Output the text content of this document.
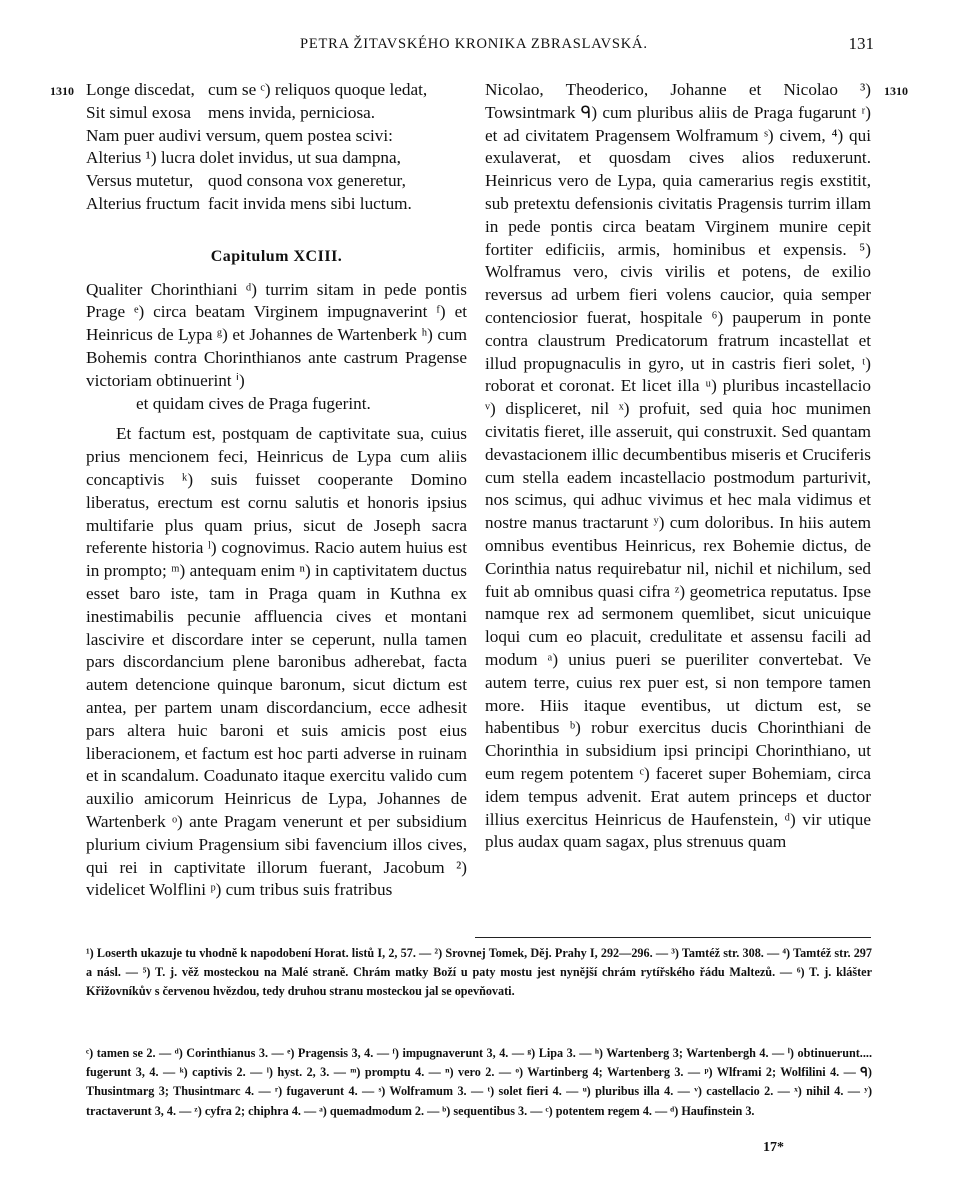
PETRA ŽITAVSKÉHO KRONIKA ZBRASLAVSKÁ.	131
1310	1310
Longe discedat, cum se ᶜ) reliquos quoque ledat,
Sit simul exosa mens invida, perniciosa.
Nam puer audivi versum, quem postea scivi:
Alterius ¹) lucra dolet invidus, ut sua dampna,
Versus mutetur, quod consona vox generetur,
Alterius fructum facit invida mens sibi luctum.
Capitulum XCIII.

Qualiter Chorinthiani ᵈ) turrim sitam in pede pontis Prage ᵉ) circa beatam Virginem impugnaverint ᶠ) et Heinricus de Lypa ᵍ) et Johannes de Wartenberk ʰ) cum Bohemis contra Chorinthianos ante castrum Pragense victoriam obtinuerint ⁱ)

et quidam cives de Praga fugerint.

Et factum est, postquam de captivitate sua, cuius prius mencionem feci, Heinricus de Lypa cum aliis concaptivis ᵏ) suis fuisset cooperante Domino liberatus, erectum est cornu salutis et honoris ipsius multifarie plus quam prius, sicut de Joseph sacra referente historia ˡ) cognovimus. Racio autem huius est in prompto; ᵐ) antequam enim ⁿ) in captivitatem ductus esset baro iste, tam in Praga quam in Kuthna ex inestimabilis pecunie affluencia cives et montani lascivire et discordare inter se ceperunt, nulla tamen pars discordancium plene baronibus adherebat, facta autem detencione quinque baronum, sicut dictum est antea, per partem unam discordancium, ecce adhesit pars altera huic baroni et suis amicis post eius liberacionem, et factum est hoc parti adverse in ruinam et in scandalum. Coadunato itaque exercitu valido cum auxilio amicorum Heinricus de Lypa, Johannes de Wartenberk ᵒ) ante Pragam venerunt et per subsidium plurium civium Pragensium sibi favencium illos cives, qui rei in captivitate illorum fuerant, Jacobum ²) videlicet Wolflini ᵖ) cum tribus suis fratribus

Nicolao, Theoderico, Johanne et Nicolao ³) Towsintmark ᑫ) cum pluribus aliis de Praga fugarunt ʳ) et ad civitatem Pragensem Wolframum ˢ) civem, ⁴) qui exulaverat, et quosdam cives alios reduxerunt. Heinricus vero de Lypa, quia camerarius regis exstitit, sub pretextu defensionis civitatis Pragensis turrim illam in pede pontis circa beatam Virginem munire cepit fortiter edificiis, armis, hominibus et expensis. ⁵) Wolframus vero, civis virilis et potens, de exilio reversus ad urbem fieri volens caucior, quia semper contenciosior fuerat, hospitale ⁶) pauperum in ponte contra claustrum Predicatorum fratrum incastellat et illud propugnaculis in gyro, ut in castris fieri solet, ᵗ) roborat et coronat. Et licet illa ᵘ) pluribus incastellacio ᵛ) displiceret, nil ˣ) profuit, sed quia hoc munimen civitatis fieret, ille asseruit, qui construxit. Sed quantam devastacionem illic decumbentibus miseris et Cruciferis cum stella eadem incastellacio postmodum parturivit, nos scimus, qui adhuc vivimus et hec mala vidimus et nostre manus tractarunt ʸ) cum doloribus. In hiis autem omnibus eventibus Heinricus, rex Bohemie dictus, de Corinthia natus requirebatur nil, nichil et nichilum, sed fuit ab omnibus quasi cifra ᶻ) geometrica reputatus. Ipse namque rex ad sermonem quemlibet, sicut unicuique loqui cum eo placuit, credulitate et assensu facili ad modum ᵃ) unius pueri se pueriliter convertebat. Ve autem terre, cuius rex puer est, si non tempore tamen more. Hiis itaque eventibus, ut dictum est, se habentibus ᵇ) robur exercitus ducis Chorinthiani de Chorinthia in subsidium ipsi principi Chorinthiano, ut eum regem potentem ᶜ) faceret super Bohemiam, circa idem tempus advenit. Erat autem princeps et ductor illius exercitus Heinricus de Haufenstein, ᵈ) vir utique plus audax quam sagax, plus strenuus quam

¹) Loserth ukazuje tu vhodně k napodobení Horat. listů I, 2, 57. — ²) Srovnej Tomek, Děj. Prahy I, 292—296. — ³) Tamtéž str. 308. — ⁴) Tamtéž str. 297 a násl. — ⁵) T. j. věž mosteckou na Malé straně. Chrám matky Boží u paty mostu jest nynější chrám rytířského řádu Maltezů. — ⁶) T. j. klášter Křižovníkův s červenou hvězdou, tedy druhou stranu mosteckou jal se opevňovati.

ᶜ) tamen se 2. — ᵈ) Corinthianus 3. — ᵉ) Pragensis 3, 4. — ᶠ) impugnaverunt 3, 4. — ᵍ) Lipa 3. — ʰ) Wartenberg 3; Wartenbergh 4. — ⁱ) obtinuerunt.... fugerunt 3, 4. — ᵏ) captivis 2. — ˡ) hyst. 2, 3. — ᵐ) promptu 4. — ⁿ) vero 2. — ᵒ) Wartinberg 4; Wartenberg 3. — ᵖ) Wlframi 2; Wolfilini 4. — ᑫ) Thusintmarg 3; Thusintmarc 4. — ʳ) fugaverunt 4. — ˢ) Wolframum 3. — ᵗ) solet fieri 4. — ᵘ) pluribus illa 4. — ᵛ) castellacio 2. — ˣ) nihil 4. — ʸ) tractaverunt 3, 4. — ᶻ) cyfra 2; chiphra 4. — ᵃ) quemadmodum 2. — ᵇ) sequentibus 3. — ᶜ) potentem regem 4. — ᵈ) Haufinstein 3.

17*
